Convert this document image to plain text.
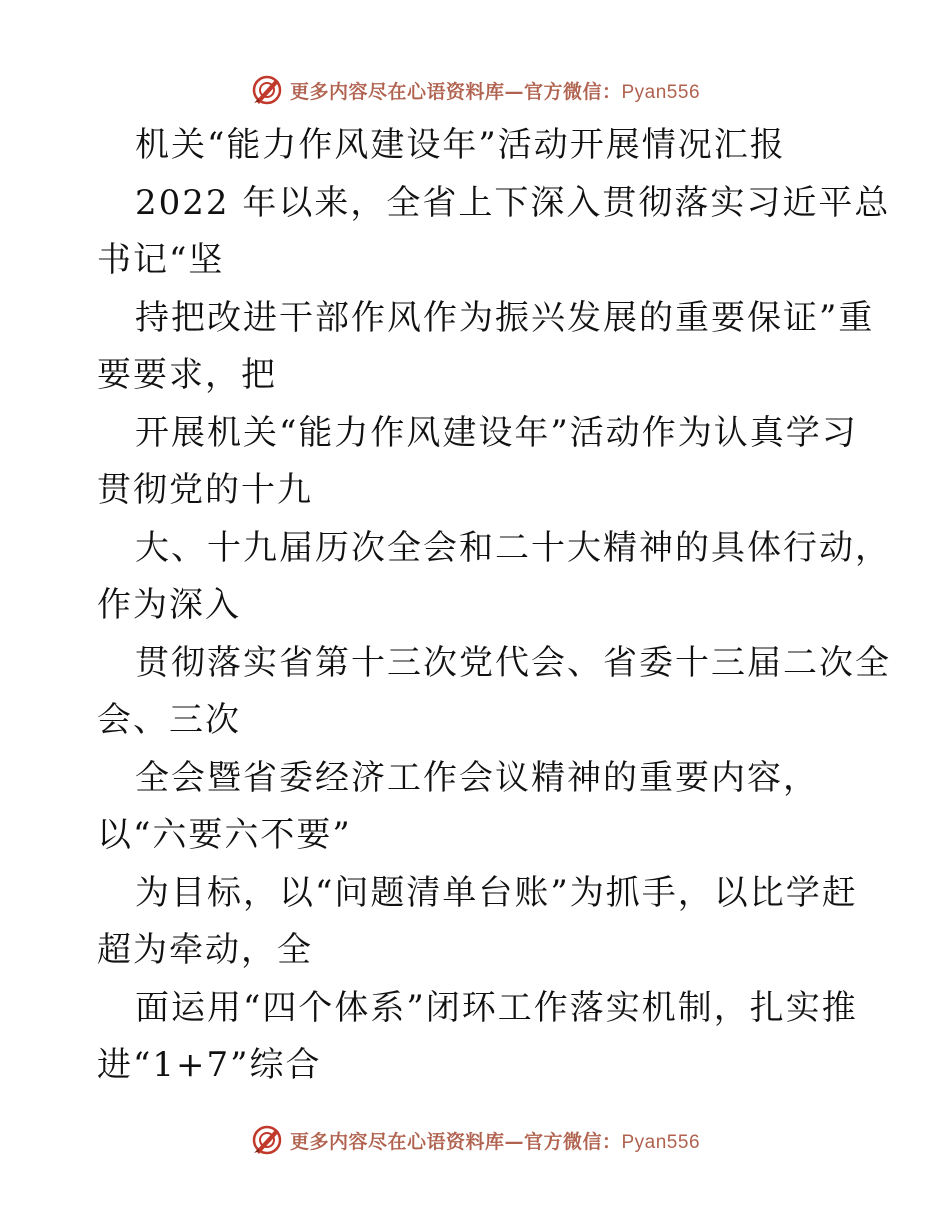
更多内容尽在心语资料库—官方微信：Pyan556
机关“能力作风建设年”活动开展情况汇报
2022 年以来，全省上下深入贯彻落实习近平总
书记“坚
持把改进干部作风作为振兴发展的重要保证”重
要要求，把
开展机关“能力作风建设年”活动作为认真学习
贯彻党的十九
大、十九届历次全会和二十大精神的具体行动，
作为深入
贯彻落实省第十三次党代会、省委十三届二次全
会、三次
全会暨省委经济工作会议精神的重要内容，
以“六要六不要”
为目标，以“问题清单台账”为抓手，以比学赶
超为牵动，全
面运用“四个体系”闭环工作落实机制，扎实推
进“1+7”综合
更多内容尽在心语资料库—官方微信：Pyan556
